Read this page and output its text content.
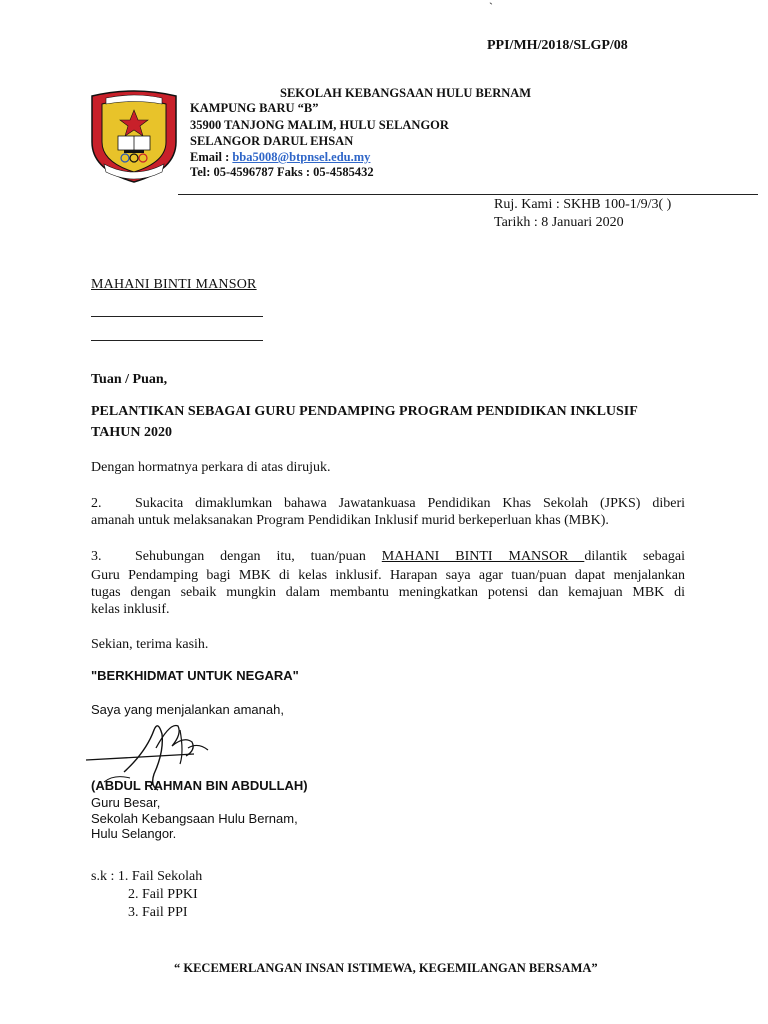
`
PPI/MH/2018/SLGP/08
SEKOLAH KEBANGSAAN HULU BERNAM
KAMPUNG BARU “B”
35900 TANJONG MALIM, HULU SELANGOR
SELANGOR DARUL EHSAN
Email : bba5008@btpnsel.edu.my
Tel: 05-4596787 Faks : 05-4585432
Ruj. Kami : SKHB 100-1/9/3( )
Tarikh : 8 Januari 2020
MAHANI BINTI MANSOR
Tuan / Puan,
PELANTIKAN SEBAGAI GURU PENDAMPING PROGRAM PENDIDIKAN INKLUSIF
TAHUN 2020
Dengan hormatnya perkara di atas dirujuk.
2. Sukacita dimaklumkan bahawa Jawatankuasa Pendidikan Khas Sekolah (JPKS) diberi
amanah untuk melaksanakan Program Pendidikan Inklusif murid berkeperluan khas (MBK).
3. Sehubungan dengan itu, tuan/puan MAHANI BINTI MANSOR dilantik sebagai
Guru Pendamping bagi MBK di kelas inklusif. Harapan saya agar tuan/puan dapat menjalankan
tugas dengan sebaik mungkin dalam membantu meningkatkan potensi dan kemajuan MBK di
kelas inklusif.
Sekian, terima kasih.
"BERKHIDMAT UNTUK NEGARA"
Saya yang menjalankan amanah,
(ABDUL RAHMAN BIN ABDULLAH)
Guru Besar,
Sekolah Kebangsaan Hulu Bernam,
Hulu Selangor.
s.k : 1. Fail Sekolah
2. Fail PPKI
3. Fail PPI
“ KECEMERLANGAN INSAN ISTIMEWA, KEGEMILANGAN BERSAMA”
